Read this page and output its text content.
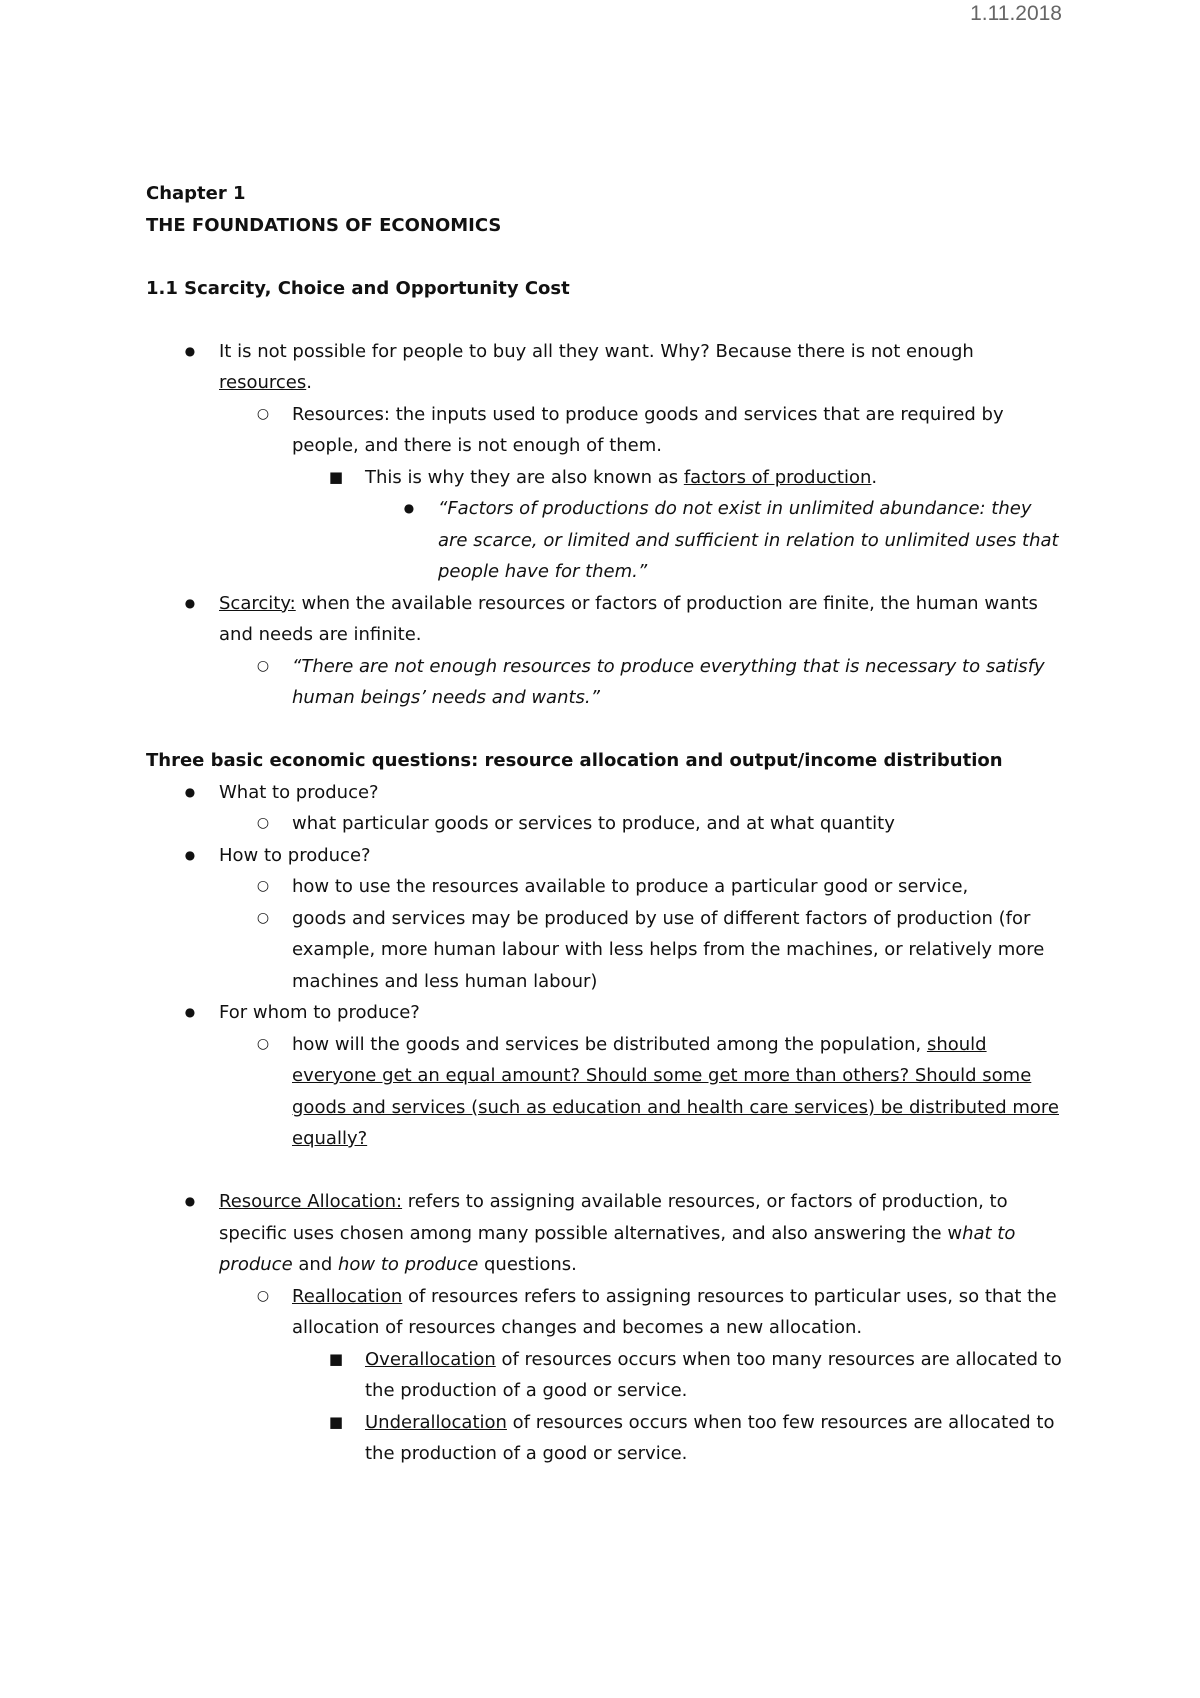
1.11.2018
Chapter 1
THE FOUNDATIONS OF ECONOMICS
1.1 Scarcity, Choice and Opportunity Cost
●
It is not possible for people to buy all they want. Why? Because there is not enough resources.
○
Resources: the inputs used to produce goods and services that are required by people, and there is not enough of them.
■
This is why they are also known as factors of production.
●
“Factors of productions do not exist in unlimited abundance: they are scarce, or limited and sufficient in relation to unlimited uses that people have for them.”
●
Scarcity: when the available resources or factors of production are finite, the human wants and needs are infinite.
○
“There are not enough resources to produce everything that is necessary to satisfy human beings’ needs and wants.”
Three basic economic questions: resource allocation and output/income distribution
●
What to produce?
○
what particular goods or services to produce, and at what quantity
●
How to produce?
○
how to use the resources available to produce a particular good or service,
○
goods and services may be produced by use of different factors of production (for example, more human labour with less helps from the machines, or relatively more machines and less human labour)
●
For whom to produce?
○
how will the goods and services be distributed among the population, should everyone get an equal amount? Should some get more than others? Should some goods and services (such as education and health care services) be distributed more equally?
●
Resource Allocation: refers to assigning available resources, or factors of production, to specific uses chosen among many possible alternatives, and also answering the what to produce and how to produce questions.
○
Reallocation of resources refers to assigning resources to particular uses, so that the allocation of resources changes and becomes a new allocation.
■
Overallocation of resources occurs when too many resources are allocated to the production of a good or service.
■
Underallocation of resources occurs when too few resources are allocated to the production of a good or service.
